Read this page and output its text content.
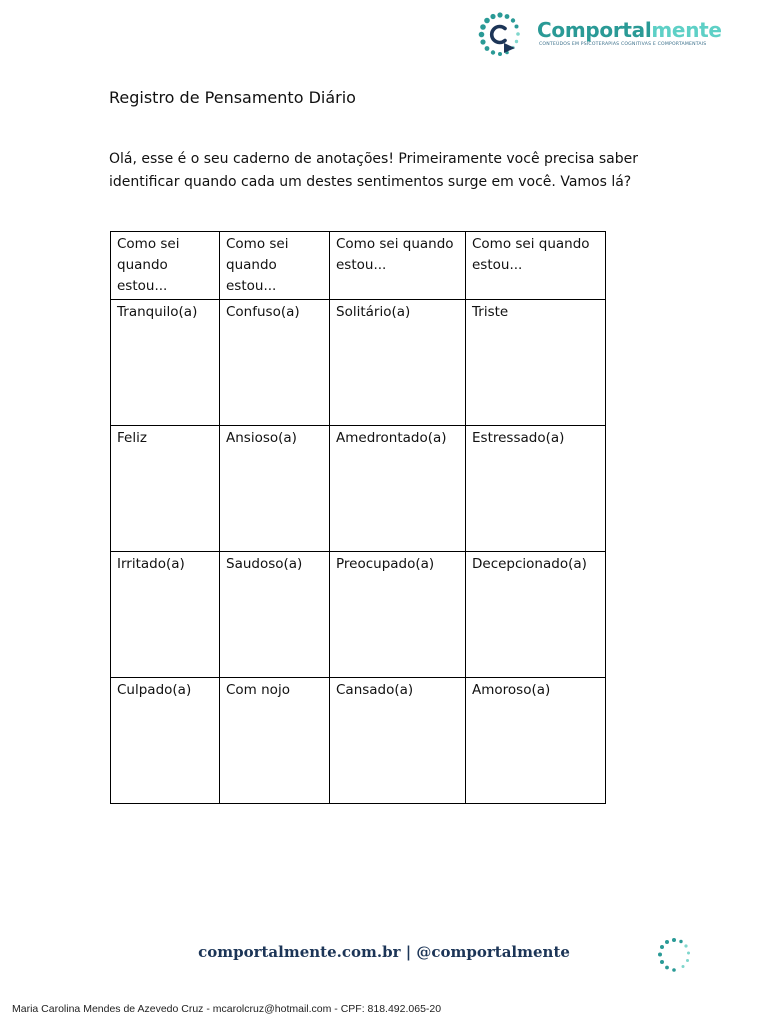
Comportalmente
CONTEÚDOS EM PSICOTERAPIAS COGNITIVAS E COMPORTAMENTAIS
Registro de Pensamento Diário

Olá, esse é o seu caderno de anotações! Primeiramente você precisa saber identificar quando cada um destes sentimentos surge em você. Vamos lá?

Como sei quando estou...	Como sei quando estou...	Como sei quando estou...	Como sei quando estou...
Tranquilo(a)	Confuso(a)	Solitário(a)	Triste
Feliz	Ansioso(a)	Amedrontado(a)	Estressado(a)
Irritado(a)	Saudoso(a)	Preocupado(a)	Decepcionado(a)
Culpado(a)	Com nojo	Cansado(a)	Amoroso(a)
comportalmente.com.br | @comportalmente
Maria Carolina Mendes de Azevedo Cruz - mcarolcruz@hotmail.com - CPF: 818.492.065-20
